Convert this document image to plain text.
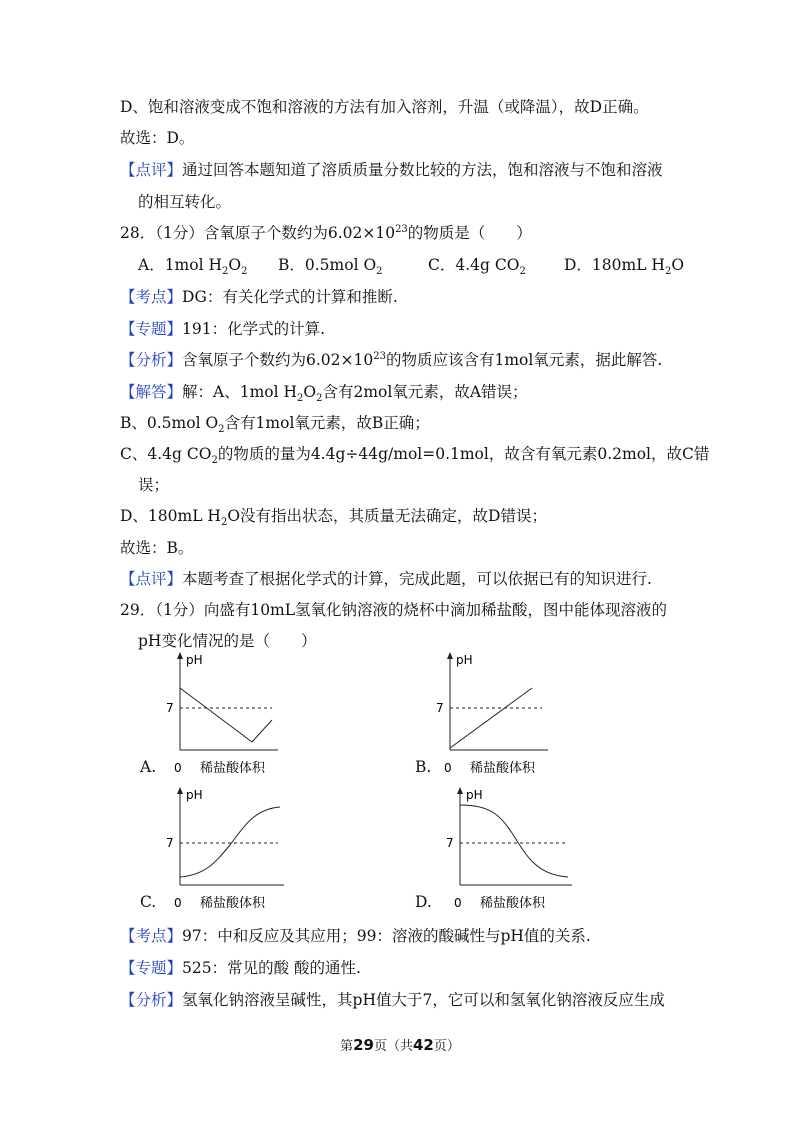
D、饱和溶液变成不饱和溶液的方法有加入溶剂，升温（或降温），故D正确。
故选：D。
【点评】通过回答本题知道了溶质质量分数比较的方法，饱和溶液与不饱和溶液
的相互转化。
28．（1分）含氧原子个数约为$6.02\times 10^{23}$的物质是（　　）
A．1mol $H_2O_2$ B．0.5mol $O_2$	C．4.4g $CO_2$ D．180mL $H_2O$
【考点】DG：有关化学式的计算和推断.
【专题】191：化学式的计算.
【分析】含氧原子个数约为$6.02\times 10^{23}$的物质应该含有1mol氧元素，据此解答.
【解答】解：A、1mol $H_2O_2$含有2mol氧元素，故A错误；
B、0.5mol $O_2$含有1mol氧元素，故B正确；
C、4.4g $CO_2$的物质的量为4.4g÷44g/mol=0.1mol，故含有氧元素0.2mol，故C错
误；
D、180mL $H_2O$没有指出状态，其质量无法确定，故D错误；
故选：B。
【点评】本题考查了根据化学式的计算，完成此题，可以依据已有的知识进行.
29．（1分）向盛有10mL氢氧化钠溶液的烧杯中滴加稀盐酸，图中能体现溶液的
pH变化情况的是（　　）
pH
7
0 稀盐酸体积
A.
pH
7
0 稀盐酸体积
B.
pH
7
0 稀盐酸体积
C.
pH
7
0 稀盐酸体积
D.
【考点】97：中和反应及其应用；99：溶液的酸碱性与pH值的关系.
【专题】525：常见的酸 酸的通性.
【分析】氢氧化钠溶液呈碱性，其pH值大于7，它可以和氢氧化钠溶液反应生成
第29页（共42页）
